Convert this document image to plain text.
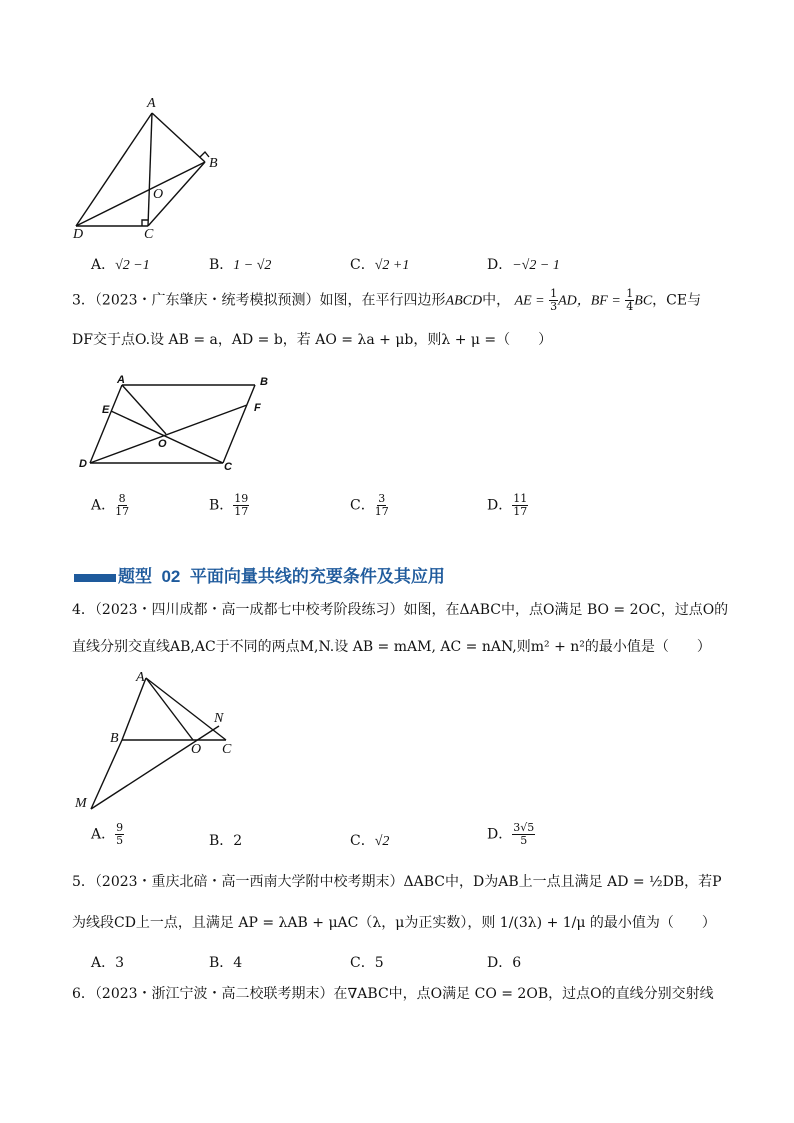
A
B
O
D	C
A．√2 −1	B．1 − √2	C．√2 +1	D．−√2 − 1
3．（2023・广东肇庆・统考模拟预测）如图，在平行四边形ABCD中， AE = $\frac{1}{3}$ AD，BF = $\frac{1}{4}$ BC，CE与
DF交于点O.设 AB = a，AD = b，若 AO = λa + μb，则λ + μ =（　　）
A	B
E	F
O
D	C
A． $\frac{8}{17}$	B． $\frac{19}{17}$	C． $\frac{3}{17}$	D． $\frac{11}{17}$
题型 02 平面向量共线的充要条件及其应用
4．（2023・四川成都・高一成都七中校考阶段练习）如图，在ΔABC中，点O满足 BO = 2OC，过点O的
直线分别交直线AB,AC于不同的两点M,N.设 AB = mAM, AC = nAN,则m² + n²的最小值是（　　）
A
N
B
O C
M
A． $\frac{9}{5}$	B．2	C．√2	D． $\frac{3√5}{5}$
5．（2023・重庆北碚・高一西南大学附中校考期末）ΔABC中，D为AB上一点且满足 AD = ½DB，若P
为线段CD上一点，且满足 AP = λAB + μAC（λ，μ为正实数），则 1/(3λ) + 1/μ 的最小值为（　　）
A．3	B．4	C．5	D．6
6．（2023・浙江宁波・高二校联考期末）在∇ABC中，点O满足 CO = 2OB，过点O的直线分别交射线
